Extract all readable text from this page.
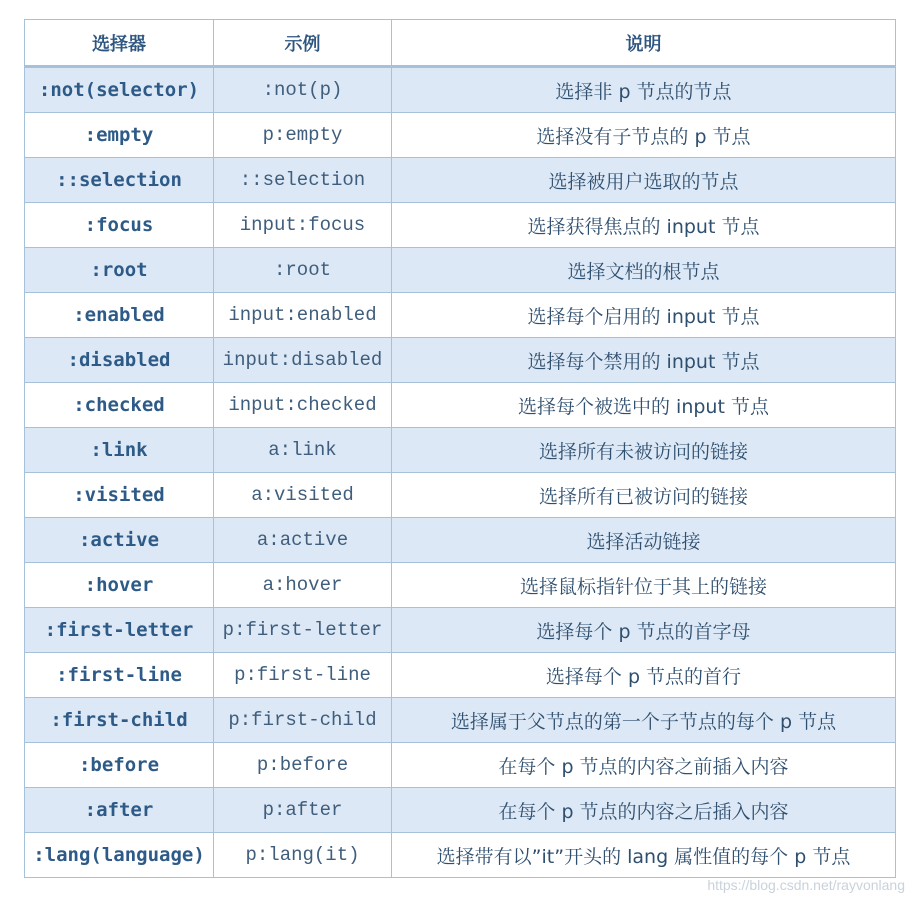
选择器	示例	说明
:not(selector)	:not(p)	选择非 p 节点的节点
:empty	p:empty	选择没有子节点的 p 节点
::selection	::selection	选择被用户选取的节点
:focus	input:focus	选择获得焦点的 input 节点
:root	:root	选择文档的根节点
:enabled	input:enabled	选择每个启用的 input 节点
:disabled	input:disabled	选择每个禁用的 input 节点
:checked	input:checked	选择每个被选中的 input 节点
:link	a:link	选择所有未被访问的链接
:visited	a:visited	选择所有已被访问的链接
:active	a:active	选择活动链接
:hover	a:hover	选择鼠标指针位于其上的链接
:first-letter	p:first-letter	选择每个 p 节点的首字母
:first-line	p:first-line	选择每个 p 节点的首行
:first-child	p:first-child	选择属于父节点的第一个子节点的每个 p 节点
:before	p:before	在每个 p 节点的内容之前插入内容
:after	p:after	在每个 p 节点的内容之后插入内容
:lang(language)	p:lang(it)	选择带有以”it”开头的 lang 属性值的每个 p 节点
https://blog.csdn.net/rayvonlang
